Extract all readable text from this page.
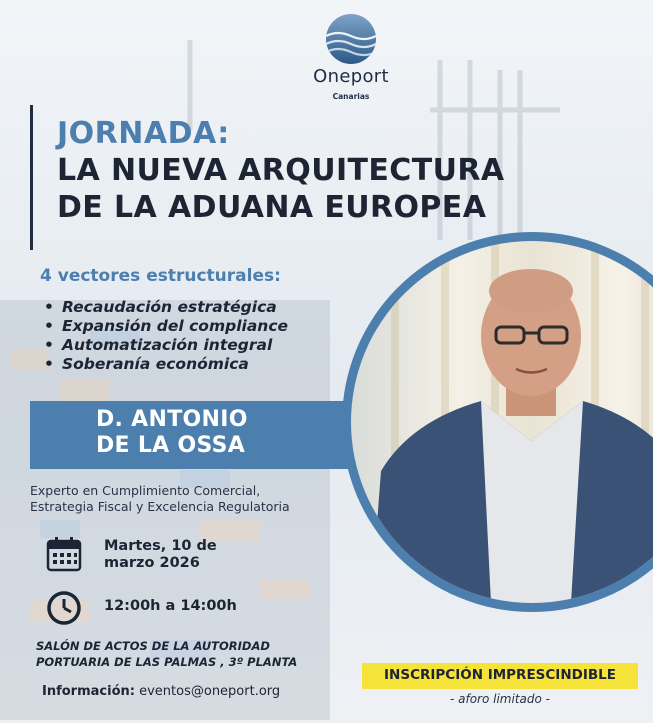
Oneport
Canarias
JORNADA:
LA NUEVA ARQUITECTURA
DE LA ADUANA EUROPEA
4 vectores estructurales:
• Recaudación estratégica
• Expansión del compliance
• Automatización integral
• Soberanía económica
D. ANTONIO
DE LA OSSA
Experto en Cumplimiento Comercial,
Estrategia Fiscal y Excelencia Regulatoria
Martes, 10 de
marzo 2026
12:00h a 14:00h
SALÓN DE ACTOS DE LA AUTORIDAD
PORTUARIA DE LAS PALMAS , 3º PLANTA
Información: eventos@oneport.org
INSCRIPCIÓN IMPRESCINDIBLE
- aforo limitado -
